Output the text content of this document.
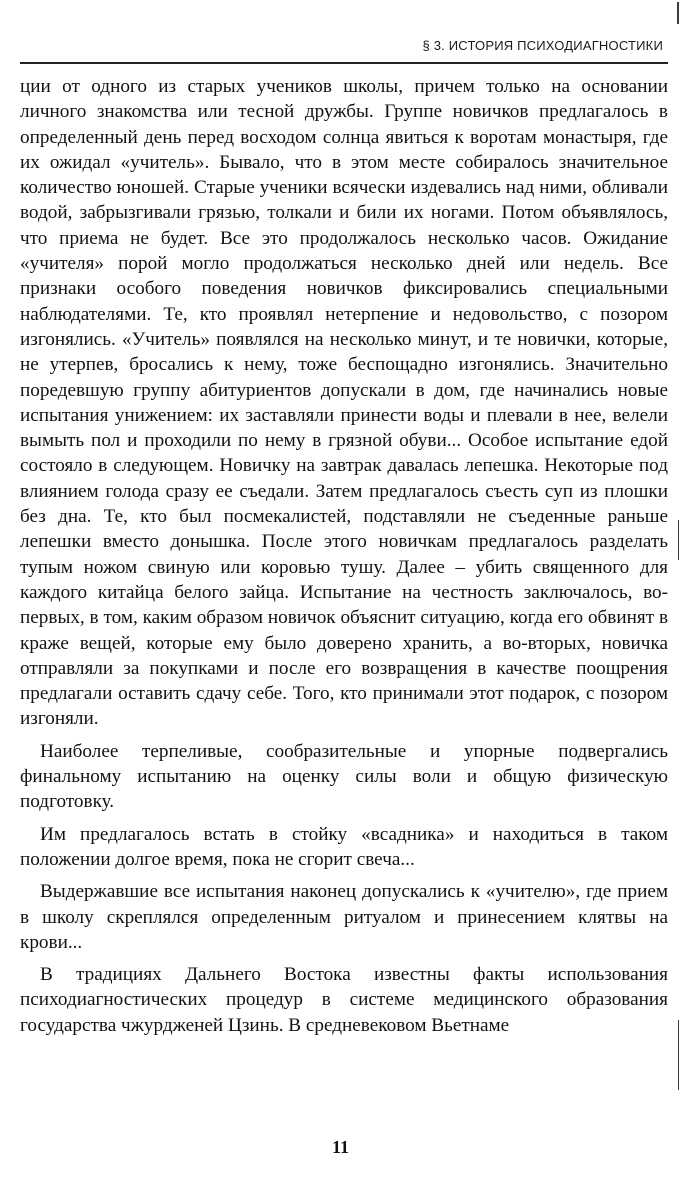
§ 3. ИСТОРИЯ ПСИХОДИАГНОСТИКИ

ции от одного из старых учеников школы, причем только на основании личного знакомства или тесной дружбы. Группе новичков предлагалось в определенный день перед восходом солнца явиться к воротам монастыря, где их ожидал «учитель». Бывало, что в этом месте собиралось значительное количество юношей. Старые ученики всячески издевались над ними, обливали водой, забрызгивали грязью, толкали и били их ногами. Потом объявлялось, что приема не будет. Все это продолжалось несколько часов. Ожидание «учителя» порой могло продолжаться несколько дней или недель. Все признаки особого поведения новичков фиксировались специальными наблюдателями. Те, кто проявлял нетерпение и недовольство, с позором изгонялись. «Учитель» появлялся на несколько минут, и те новички, которые, не утерпев, бросались к нему, тоже беспощадно изгонялись. Значительно поредевшую группу абитуриентов допускали в дом, где начинались новые испытания унижением: их заставляли принести воды и плевали в нее, велели вымыть пол и проходили по нему в грязной обуви... Особое испытание едой состояло в следующем. Новичку на завтрак давалась лепешка. Некоторые под влиянием голода сразу ее съедали. Затем предлагалось съесть суп из плошки без дна. Те, кто был посмекалистей, подставляли не съеденные раньше лепешки вместо донышка. После этого новичкам предлагалось разделать тупым ножом свиную или коровью тушу. Далее – убить священного для каждого китайца белого зайца. Испытание на честность заключалось, во-первых, в том, каким образом новичок объяснит ситуацию, когда его обвинят в краже вещей, которые ему было доверено хранить, а во-вторых, новичка отправляли за покупками и после его возвращения в качестве поощрения предлагали оставить сдачу себе. Того, кто принимали этот подарок, с позором изгоняли.

Наиболее терпеливые, сообразительные и упорные подвергались финальному испытанию на оценку силы воли и общую физическую подготовку.

Им предлагалось встать в стойку «всадника» и находиться в таком положении долгое время, пока не сгорит свеча...

Выдержавшие все испытания наконец допускались к «учителю», где прием в школу скреплялся определенным ритуалом и принесением клятвы на крови...

В традициях Дальнего Востока известны факты использования психодиагностических процедур в системе медицинского образования государства чжурдженей Цзинь. В средневековом Вьетнаме

11
